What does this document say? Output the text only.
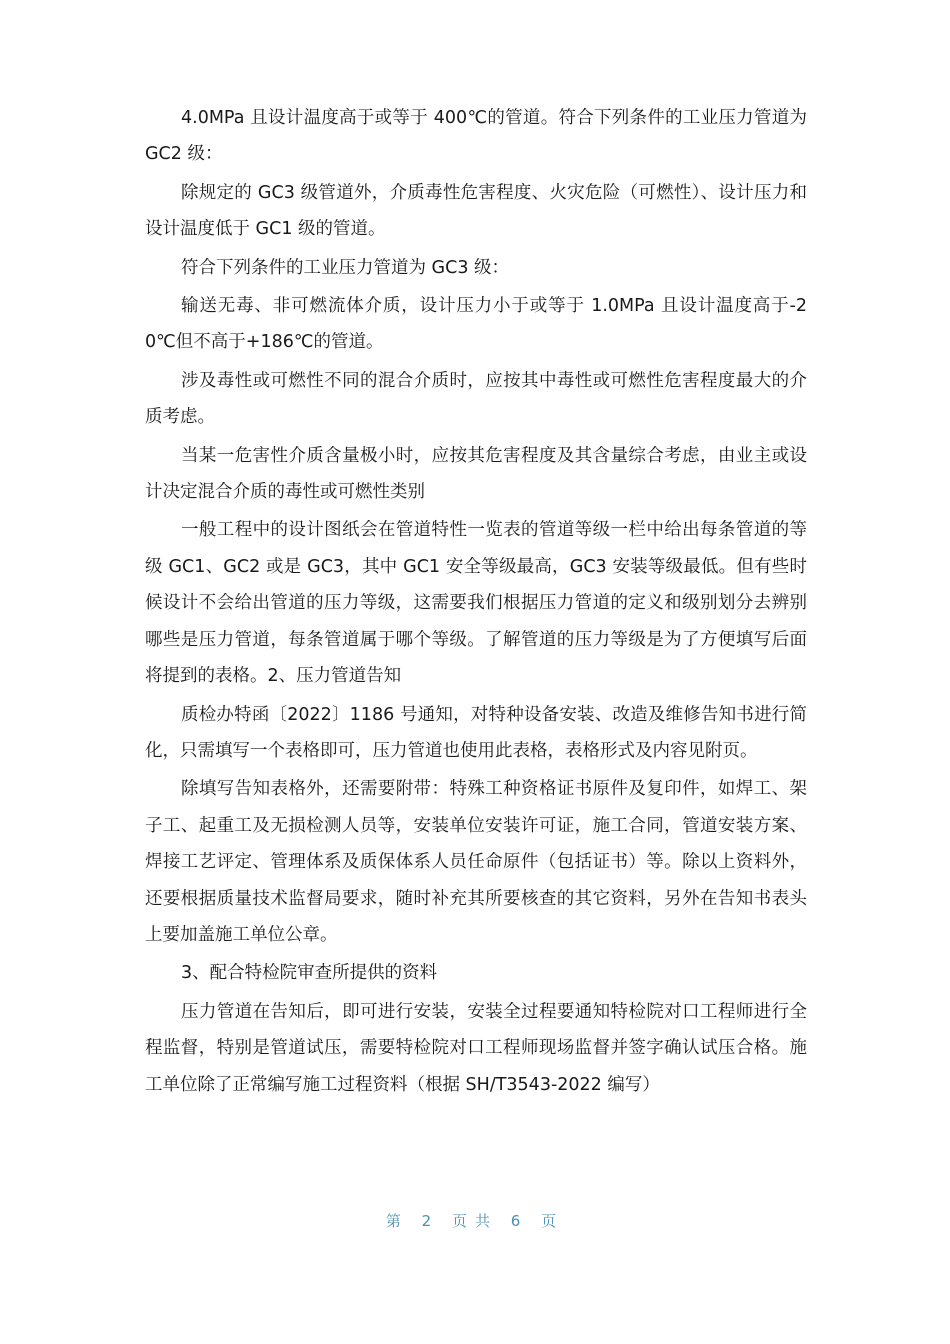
4.0MPa 且设计温度高于或等于 400℃的管道。符合下列条件的工业压力管道为 GC2 级：

除规定的 GC3 级管道外，介质毒性危害程度、火灾危险（可燃性）、设计压力和设计温度低于 GC1 级的管道。

符合下列条件的工业压力管道为 GC3 级：

输送无毒、非可燃流体介质，设计压力小于或等于 1.0MPa 且设计温度高于-20℃但不高于+186℃的管道。

涉及毒性或可燃性不同的混合介质时，应按其中毒性或可燃性危害程度最大的介质考虑。

当某一危害性介质含量极小时，应按其危害程度及其含量综合考虑，由业主或设计决定混合介质的毒性或可燃性类别

一般工程中的设计图纸会在管道特性一览表的管道等级一栏中给出每条管道的等级 GC1、GC2 或是 GC3，其中 GC1 安全等级最高，GC3 安装等级最低。但有些时候设计不会给出管道的压力等级，这需要我们根据压力管道的定义和级别划分去辨别哪些是压力管道，每条管道属于哪个等级。了解管道的压力等级是为了方便填写后面将提到的表格。2、压力管道告知

质检办特函〔2022〕1186 号通知，对特种设备安装、改造及维修告知书进行简化，只需填写一个表格即可，压力管道也使用此表格，表格形式及内容见附页。

除填写告知表格外，还需要附带：特殊工种资格证书原件及复印件，如焊工、架子工、起重工及无损检测人员等，安装单位安装许可证，施工合同，管道安装方案、焊接工艺评定、管理体系及质保体系人员任命原件（包括证书）等。除以上资料外，还要根据质量技术监督局要求，随时补充其所要核查的其它资料，另外在告知书表头上要加盖施工单位公章。

3、配合特检院审查所提供的资料

压力管道在告知后，即可进行安装，安装全过程要通知特检院对口工程师进行全程监督，特别是管道试压，需要特检院对口工程师现场监督并签字确认试压合格。施工单位除了正常编写施工过程资料（根据 SH/T3543-2022 编写）

第 2 页共 6 页
